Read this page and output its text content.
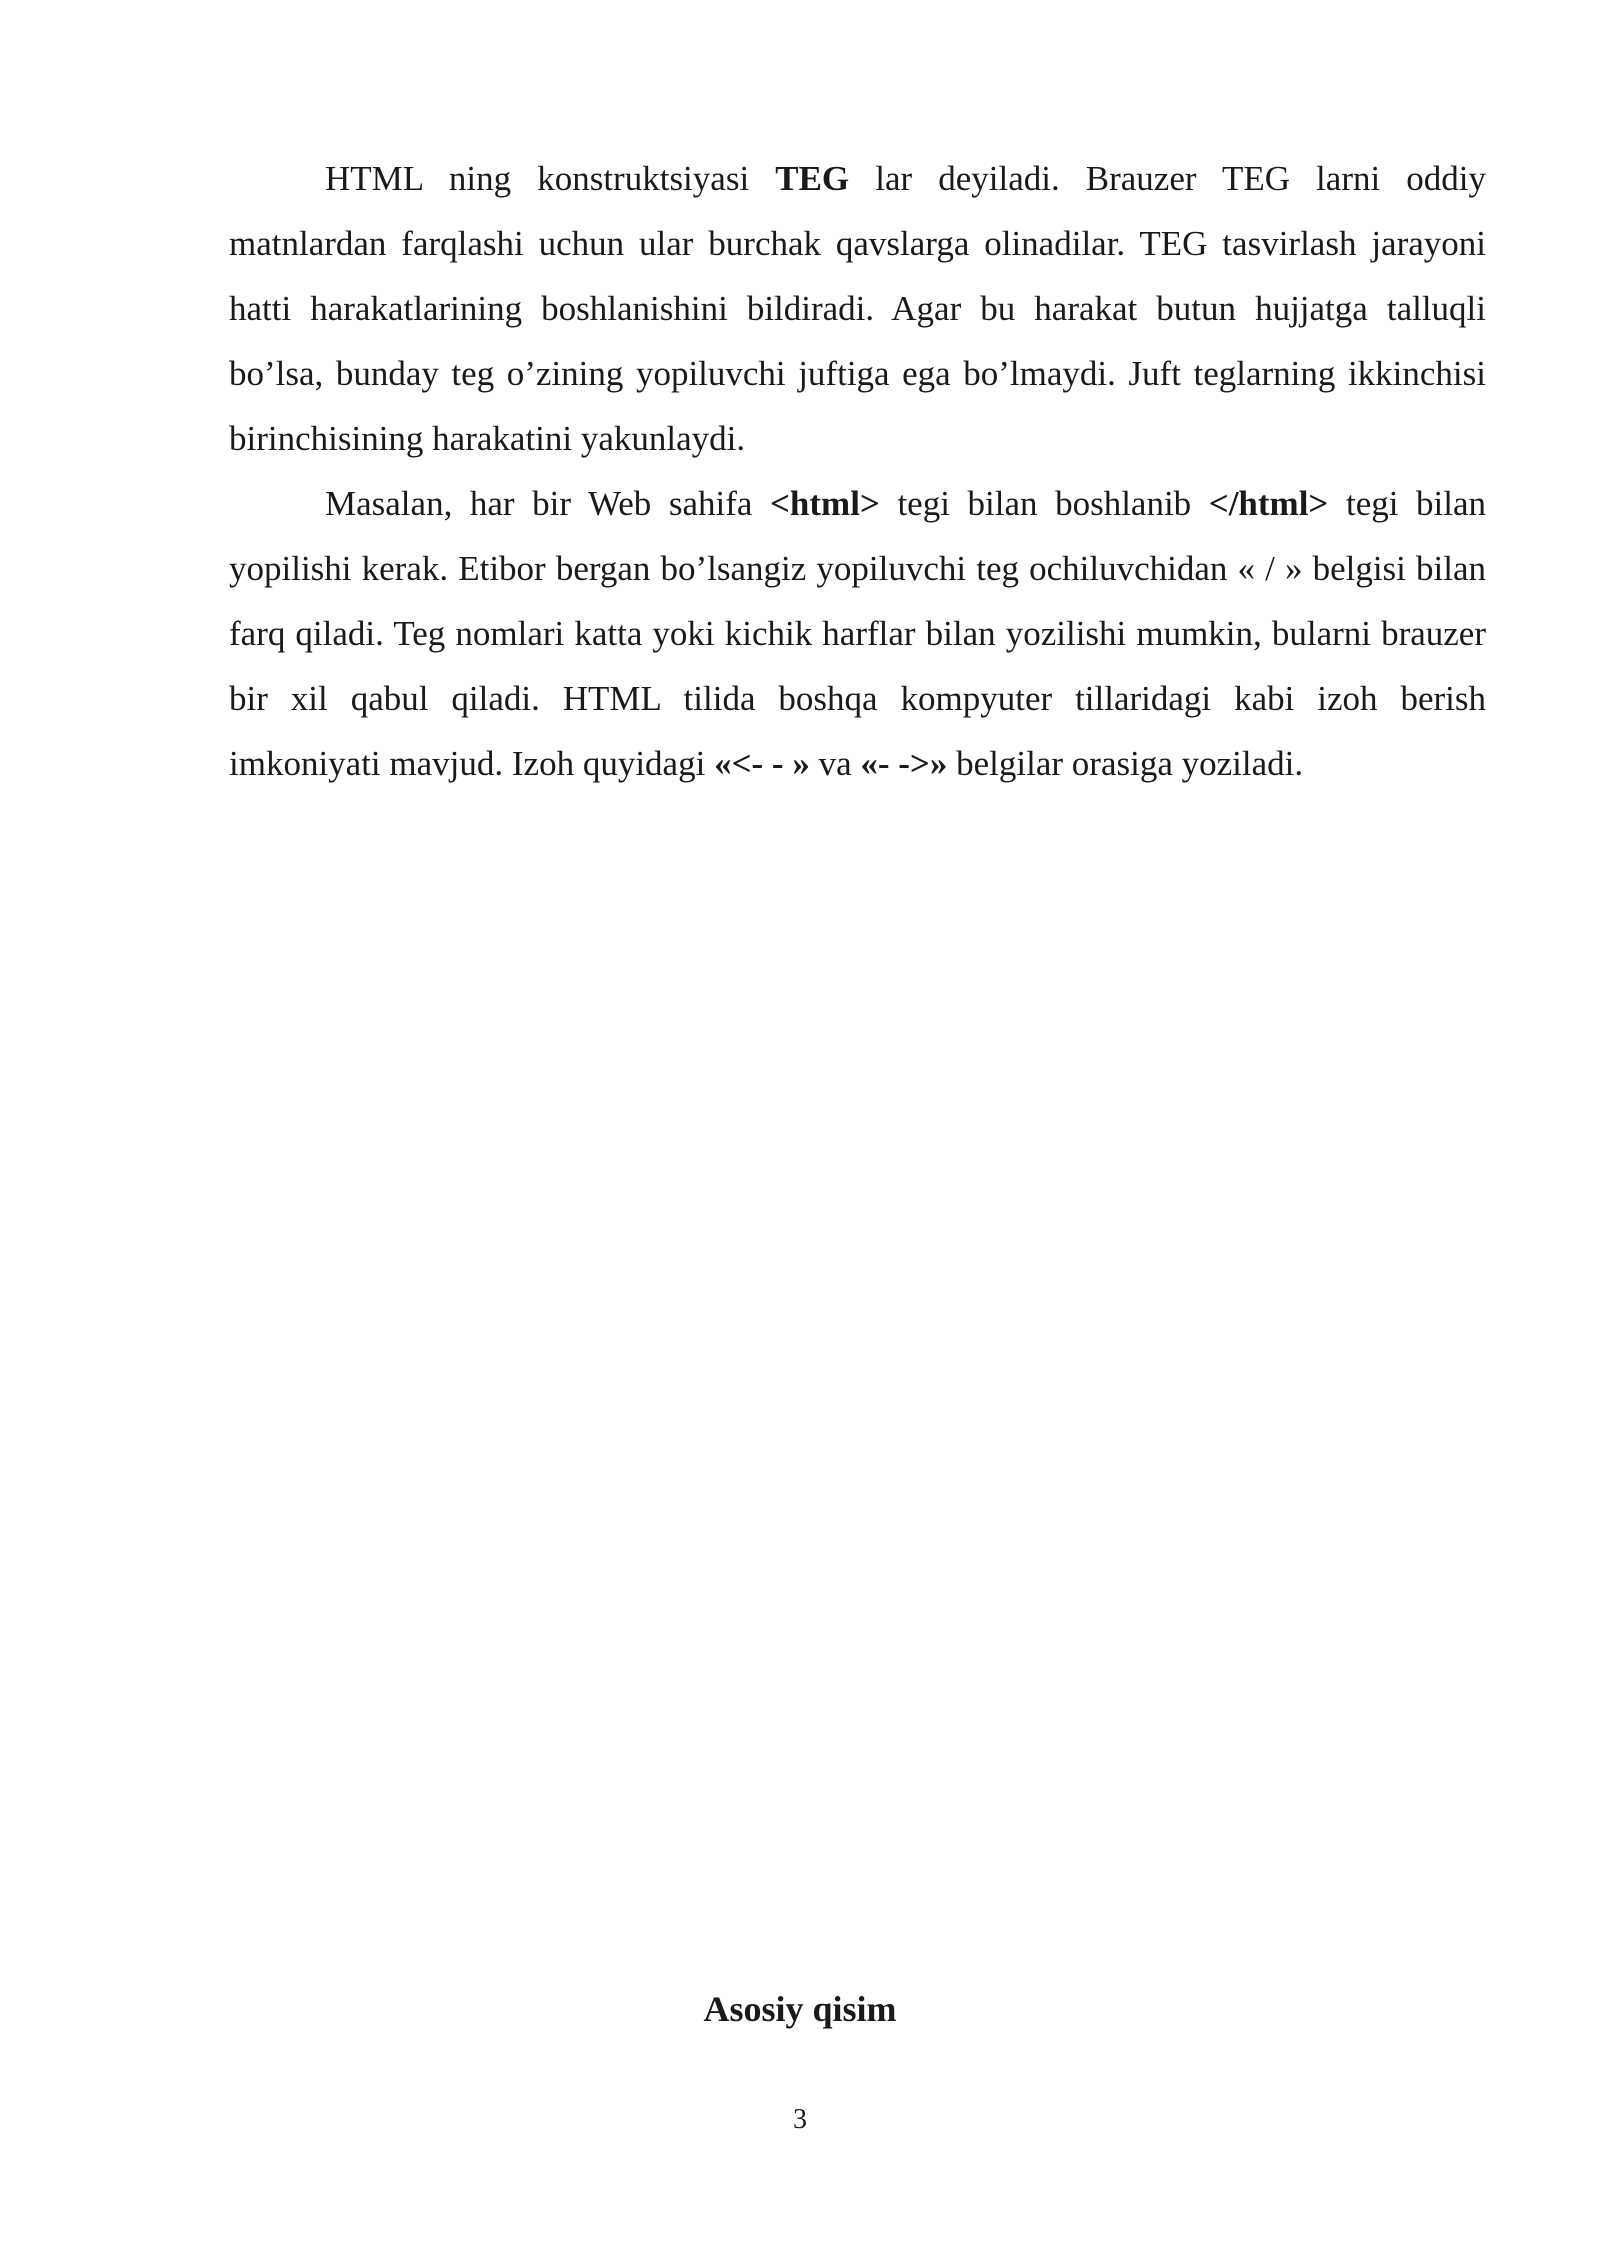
HTML ning konstruktsiyasi TEG lar deyiladi. Brauzer TEG larni oddiy matnlardan farqlashi uchun ular burchak qavslarga olinadilar. TEG tasvirlash jarayoni hatti harakatlarining boshlanishini bildiradi. Agar bu harakat butun hujjatga talluqli bo’lsa, bunday teg o’zining yopiluvchi juftiga ega bo’lmaydi. Juft teglarning ikkinchisi birinchisining harakatini yakunlaydi.

Masalan, har bir Web sahifa <html> tegi bilan boshlanib </html> tegi bilan yopilishi kerak. Etibor bergan bo’lsangiz yopiluvchi teg ochiluvchidan « / » belgisi bilan farq qiladi. Teg nomlari katta yoki kichik harflar bilan yozilishi mumkin, bularni brauzer bir xil qabul qiladi. HTML tilida boshqa kompyuter tillaridagi kabi izoh berish imkoniyati mavjud. Izoh quyidagi «<- - » va «- ->» belgilar orasiga yoziladi.

Asosiy qisim
3
